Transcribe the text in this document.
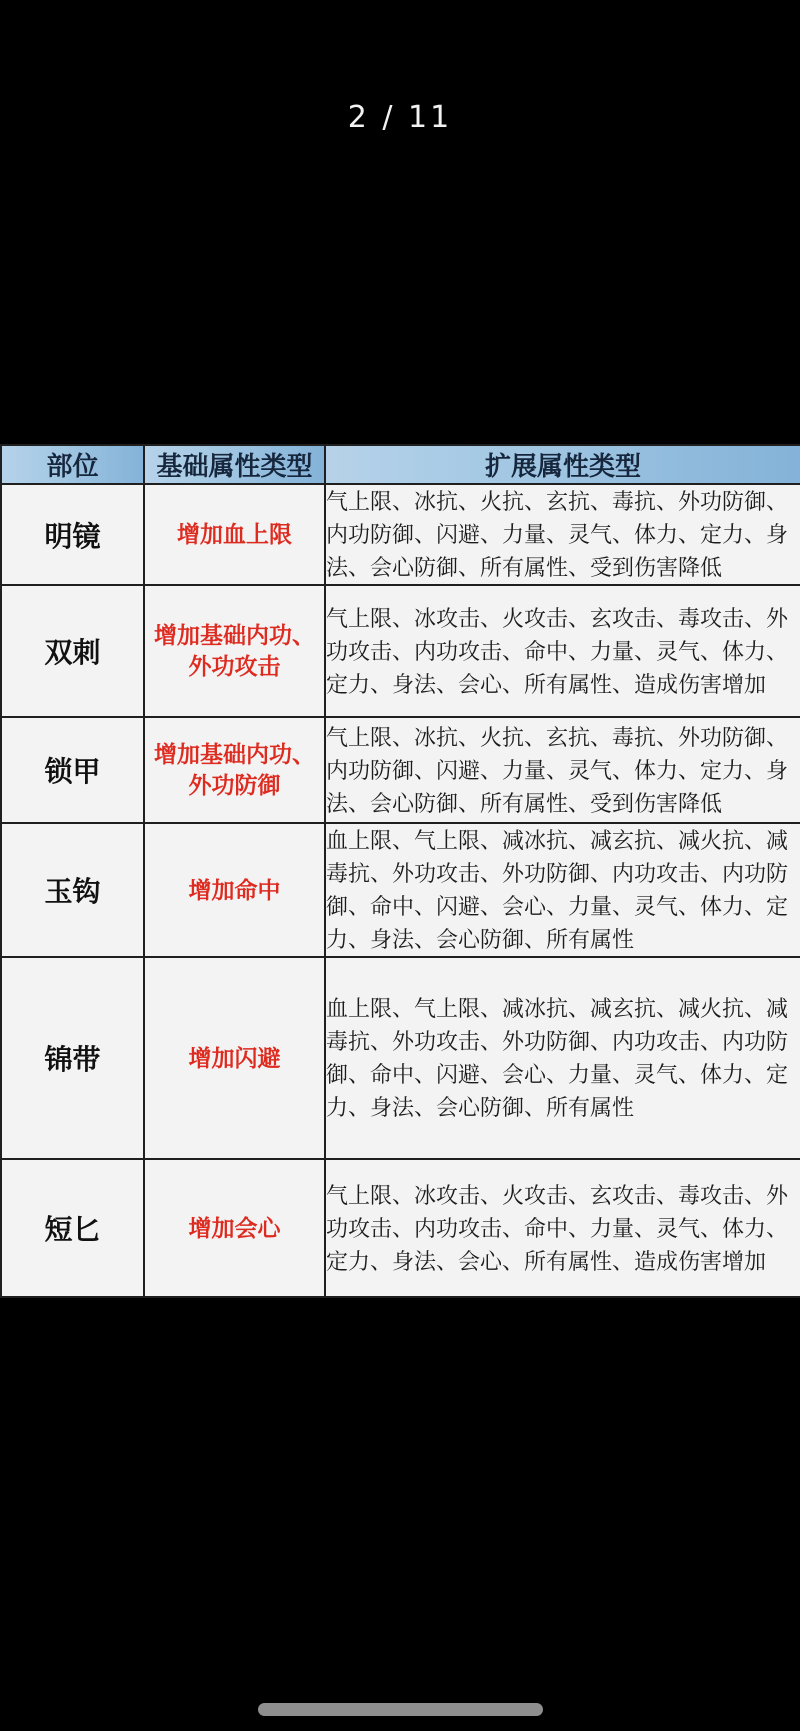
2 / 11
部位	基础属性类型	扩展属性类型
明镜	增加血上限	气上限、冰抗、火抗、玄抗、毒抗、外功防御、内功防御、闪避、力量、灵气、体力、定力、身法、会心防御、所有属性、受到伤害降低
双刺	增加基础内功、外功攻击	气上限、冰攻击、火攻击、玄攻击、毒攻击、外功攻击、内功攻击、命中、力量、灵气、体力、定力、身法、会心、所有属性、造成伤害增加
锁甲	增加基础内功、外功防御	气上限、冰抗、火抗、玄抗、毒抗、外功防御、内功防御、闪避、力量、灵气、体力、定力、身法、会心防御、所有属性、受到伤害降低
玉钩	增加命中	血上限、气上限、减冰抗、减玄抗、减火抗、减毒抗、外功攻击、外功防御、内功攻击、内功防御、命中、闪避、会心、力量、灵气、体力、定力、身法、会心防御、所有属性
锦带	增加闪避	血上限、气上限、减冰抗、减玄抗、减火抗、减毒抗、外功攻击、外功防御、内功攻击、内功防御、命中、闪避、会心、力量、灵气、体力、定力、身法、会心防御、所有属性
短匕	增加会心	气上限、冰攻击、火攻击、玄攻击、毒攻击、外功攻击、内功攻击、命中、力量、灵气、体力、定力、身法、会心、所有属性、造成伤害增加
